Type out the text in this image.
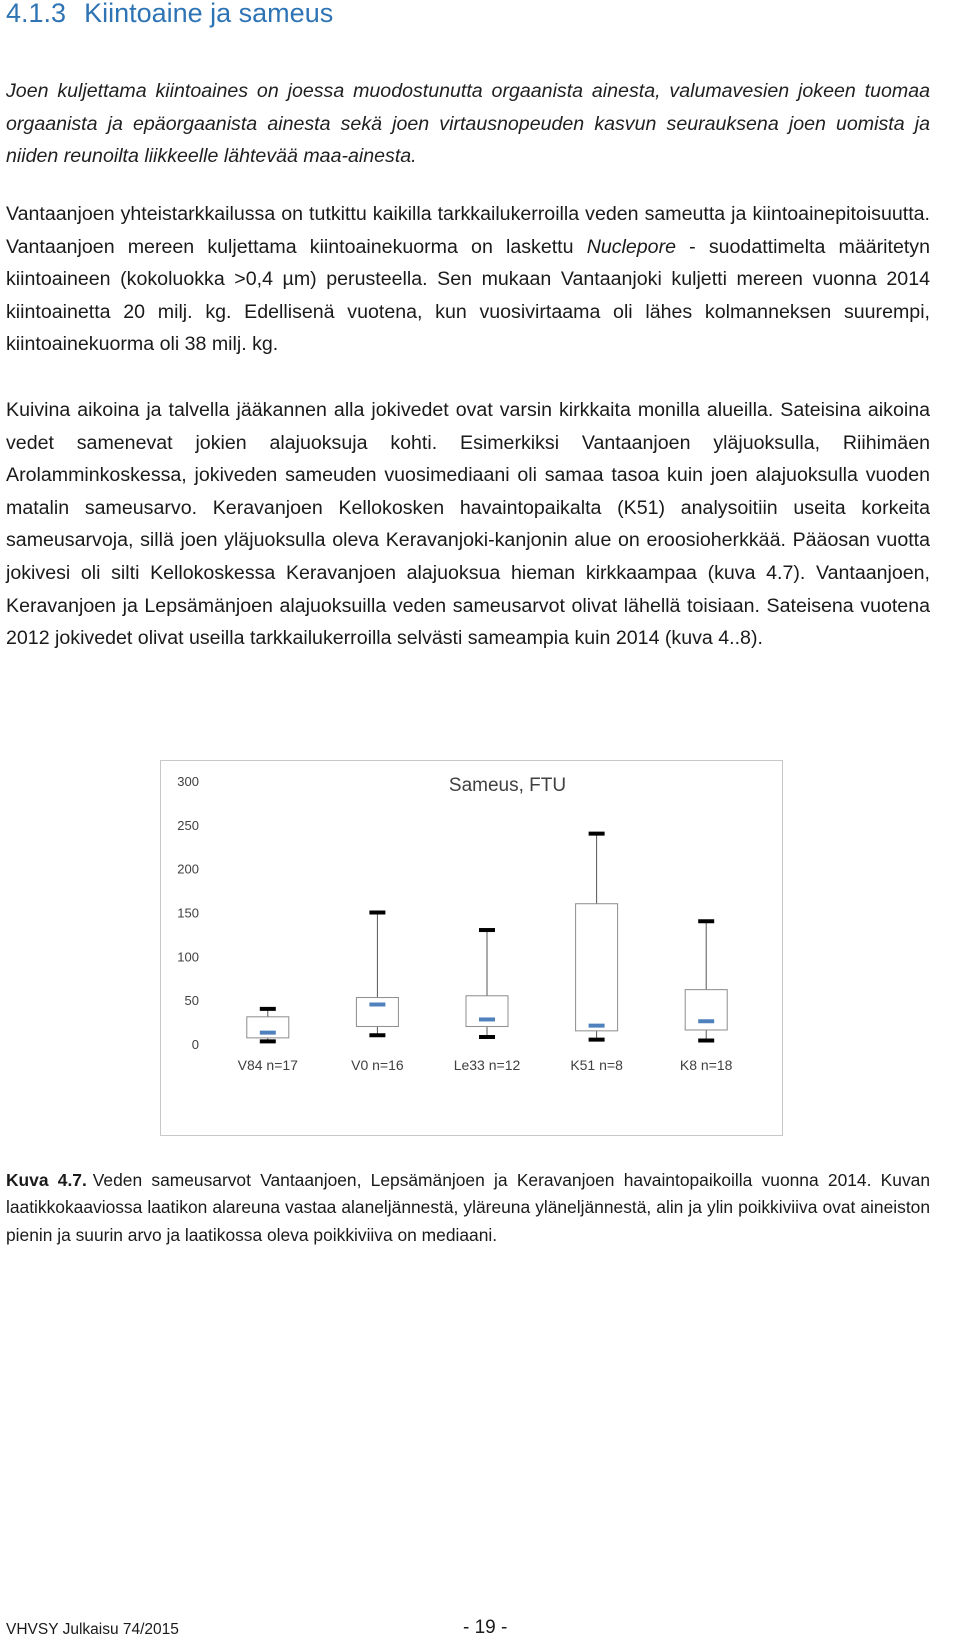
4.1.3 Kiintoaine ja sameus

Joen kuljettama kiintoaines on joessa muodostunutta orgaanista ainesta, valumavesien jokeen tuomaa orgaanista ja epäorgaanista ainesta sekä joen virtausnopeuden kasvun seurauksena joen uomista ja niiden reunoilta liikkeelle lähtevää maa-ainesta.

Vantaanjoen yhteistarkkailussa on tutkittu kaikilla tarkkailukerroilla veden sameutta ja kiintoainepitoisuutta. Vantaanjoen mereen kuljettama kiintoainekuorma on laskettu Nuclepore - suodattimelta määritetyn kiintoaineen (kokoluokka >0,4 µm) perusteella. Sen mukaan Vantaanjoki kuljetti mereen vuonna 2014 kiintoainetta 20 milj. kg. Edellisenä vuotena, kun vuosivirtaama oli lähes kolmanneksen suurempi, kiintoainekuorma oli 38 milj. kg.

Kuivina aikoina ja talvella jääkannen alla jokivedet ovat varsin kirkkaita monilla alueilla. Sateisina aikoina vedet samenevat jokien alajuoksuja kohti. Esimerkiksi Vantaanjoen yläjuoksulla, Riihimäen Arolamminkoskessa, jokiveden sameuden vuosimediaani oli samaa tasoa kuin joen alajuoksulla vuoden matalin sameusarvo. Keravanjoen Kellokosken havaintopaikalta (K51) analysoitiin useita korkeita sameusarvoja, sillä joen yläjuoksulla oleva Keravanjoki-kanjonin alue on eroosioherkkää. Pääosan vuotta jokivesi oli silti Kellokoskessa Keravanjoen alajuoksua hieman kirkkaampaa (kuva 4.7). Vantaanjoen, Keravanjoen ja Lepsämänjoen alajuoksuilla veden sameusarvot olivat lähellä toisiaan. Sateisena vuotena 2012 jokivedet olivat useilla tarkkailukerroilla selvästi sameampia kuin 2014 (kuva 4..8).

Sameus, FTU
0
50
100
150
200
250
300
V84 n=17	V0 n=16	Le33 n=12	K51 n=8	K8 n=18

Kuva 4.7. Veden sameusarvot Vantaanjoen, Lepsämänjoen ja Keravanjoen havaintopaikoilla vuonna 2014. Kuvan laatikkokaaviossa laatikon alareuna vastaa alaneljännestä, yläreuna yläneljännestä, alin ja ylin poikkiviiva ovat aineiston pienin ja suurin arvo ja laatikossa oleva poikkiviiva on mediaani.

VHVSY Julkaisu 74/2015	- 19 -
